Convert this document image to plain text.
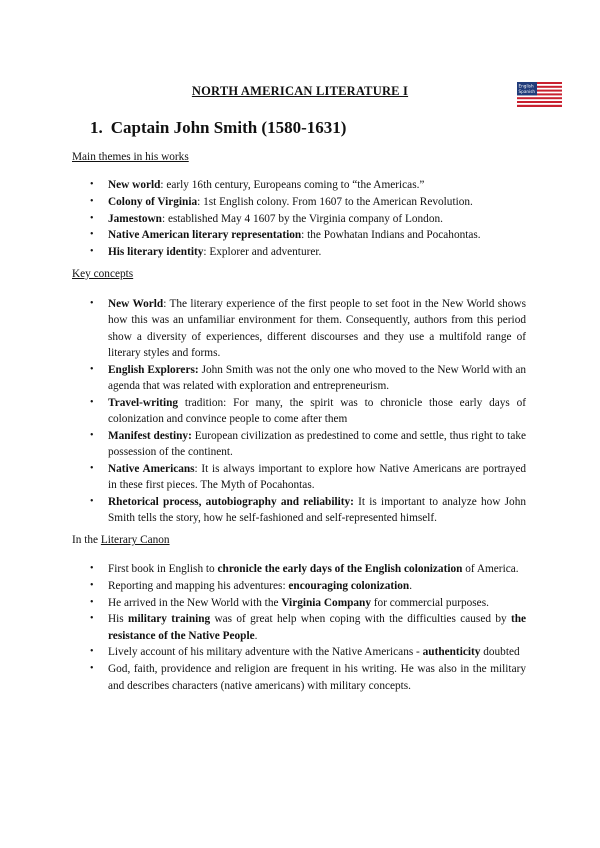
NORTH AMERICAN LITERATURE I	English
Spanish
1. Captain John Smith (1580-1631)
Main themes in his works
• New world: early 16th century, Europeans coming to “the Americas.”
• Colony of Virginia: 1st English colony. From 1607 to the American Revolution.
• Jamestown: established May 4 1607 by the Virginia company of London.
• Native American literary representation: the Powhatan Indians and Pocahontas.
• His literary identity: Explorer and adventurer.
Key concepts
• New World: The literary experience of the first people to set foot in the New World shows how this was an unfamiliar environment for them. Consequently, authors from this period show a diversity of experiences, different discourses and they use a multifold range of literary styles and forms.
• English Explorers: John Smith was not the only one who moved to the New World with an agenda that was related with exploration and entrepreneurism.
• Travel-writing tradition: For many, the spirit was to chronicle those early days of colonization and convince people to come after them
• Manifest destiny: European civilization as predestined to come and settle, thus right to take possession of the continent.
• Native Americans: It is always important to explore how Native Americans are portrayed in these first pieces. The Myth of Pocahontas.
• Rhetorical process, autobiography and reliability: It is important to analyze how John Smith tells the story, how he self-fashioned and self-represented himself.
In the Literary Canon
• First book in English to chronicle the early days of the English colonization of America.
• Reporting and mapping his adventures: encouraging colonization.
• He arrived in the New World with the Virginia Company for commercial purposes.
• His military training was of great help when coping with the difficulties caused by the resistance of the Native People.
• Lively account of his military adventure with the Native Americans - authenticity doubted
• God, faith, providence and religion are frequent in his writing. He was also in the military and describes characters (native americans) with military concepts.
